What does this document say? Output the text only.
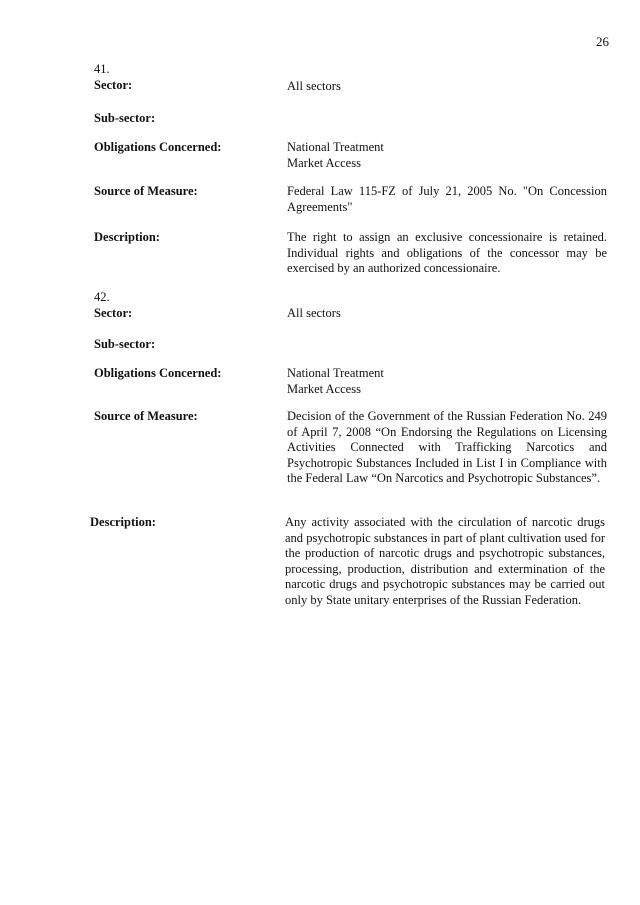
26
41.
Sector:	All sectors
Sub-sector:
Obligations Concerned:	National Treatment
Market Access
Source of Measure:	Federal Law 115-FZ of July 21, 2005 No. "On Concession Agreements"
Description:	The right to assign an exclusive concessionaire is retained. Individual rights and obligations of the concessor may be exercised by an authorized concessionaire.
42.
Sector:	All sectors
Sub-sector:
Obligations Concerned:	National Treatment
Market Access
Source of Measure:	Decision of the Government of the Russian Federation No. 249 of April 7, 2008 “On Endorsing the Regulations on Licensing Activities Connected with Trafficking Narcotics and Psychotropic Substances Included in List I in Compliance with the Federal Law “On Narcotics and Psychotropic Substances”.
Description:	Any activity associated with the circulation of narcotic drugs and psychotropic substances in part of plant cultivation used for the production of narcotic drugs and psychotropic substances, processing, production, distribution and extermination of the narcotic drugs and psychotropic substances may be carried out only by State unitary enterprises of the Russian Federation.
